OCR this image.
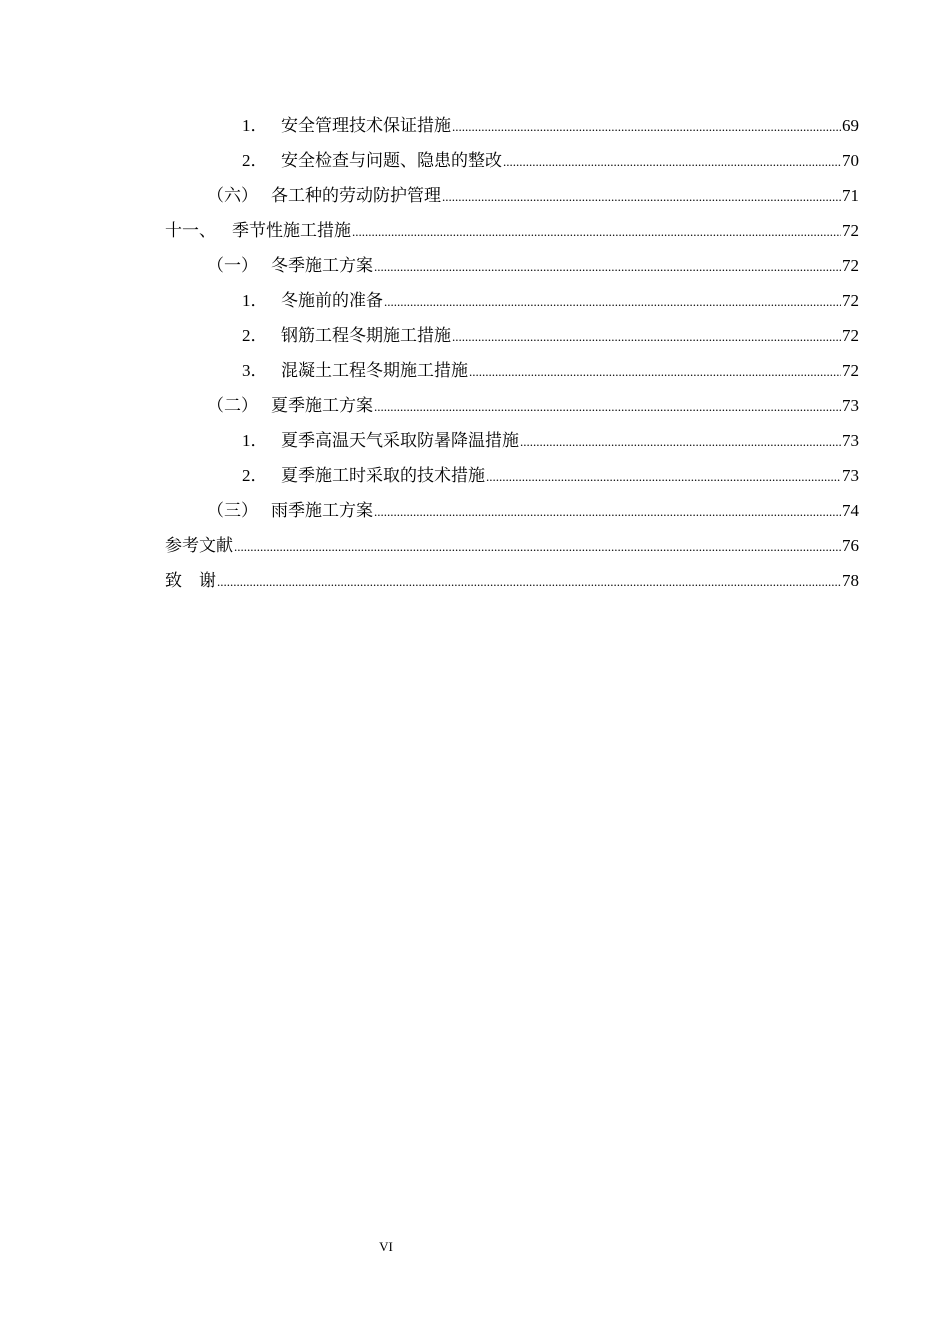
1． 安全管理技术保证措施 .....	69
2． 安全检查与问题、隐患的整改 .....	70
（六） 各工种的劳动防护管理 .....	71
十一、 季节性施工措施 .....	72
（一） 冬季施工方案 .....	72
1． 冬施前的准备 .....	72
2． 钢筋工程冬期施工措施 .....	72
3． 混凝土工程冬期施工措施 .....	72
（二） 夏季施工方案 .....	73
1． 夏季高温天气采取防暑降温措施 .....	73
2． 夏季施工时采取的技术措施 .....	73
（三） 雨季施工方案 .....	74
参考文献 .....	76
致　谢 .....	78
VI
